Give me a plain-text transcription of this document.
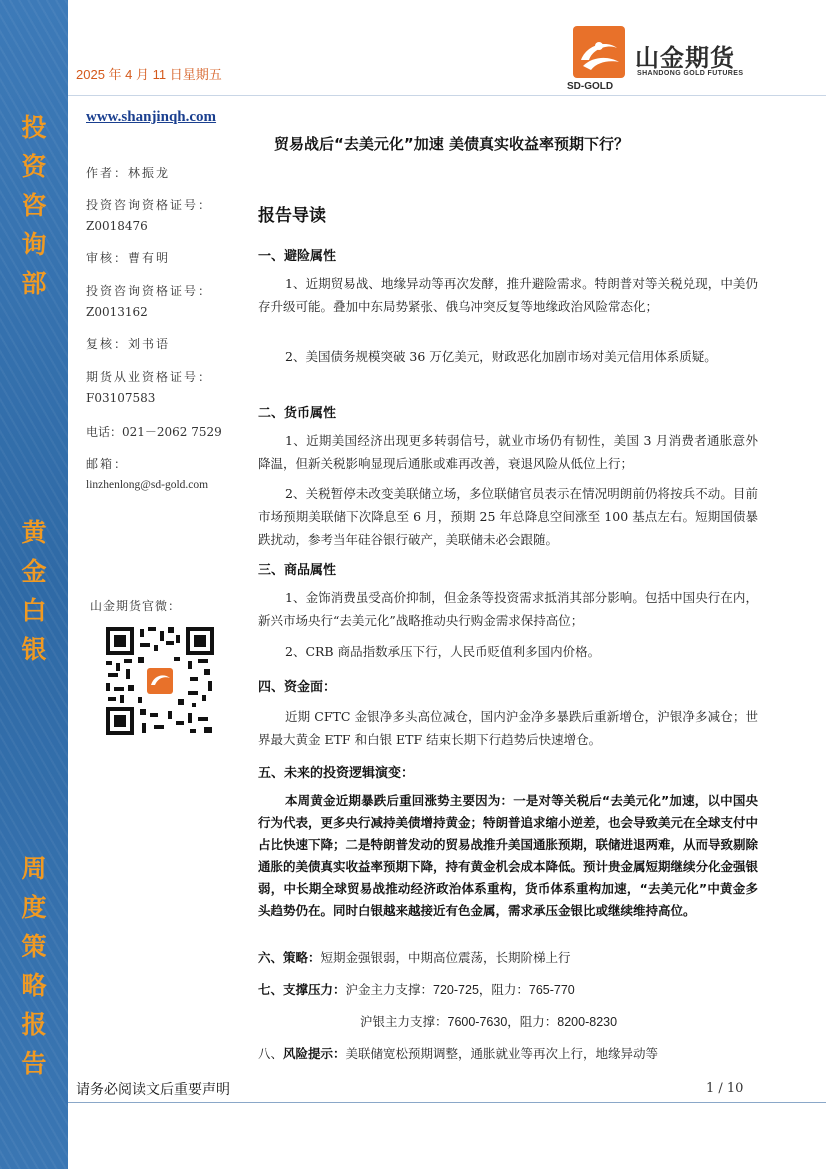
投
资
咨
询
部
黄
金
白
银
周
度
策
略
报
告
2025 年 4 月 11 日星期五
山金期货
SHANDONG GOLD FUTURES
SD-GOLD
www.shanjinqh.com
作者：林振龙
投资咨询资格证号：
Z0018476
审核：曹有明
投资咨询资格证号：
Z0013162
复核：刘书语
期货从业资格证号：
F03107583
电话：021－2062 7529
邮箱：
linzhenlong@sd-gold.com
山金期货官微：
贸易战后“去美元化”加速 美债真实收益率预期下行？
报告导读
一、避险属性
1、近期贸易战、地缘异动等再次发酵，推升避险需求。特朗普对等关税兑现，中美仍存升级可能。叠加中东局势紧张、俄乌冲突反复等地缘政治风险常态化；
2、美国债务规模突破 36 万亿美元，财政恶化加剧市场对美元信用体系质疑。
二、货币属性
1、近期美国经济出现更多转弱信号，就业市场仍有韧性，美国 3 月消费者通胀意外降温，但新关税影响显现后通胀或难再改善，衰退风险从低位上行；
2、关税暂停未改变美联储立场，多位联储官员表示在情况明朗前仍将按兵不动。目前市场预期美联储下次降息至 6 月，预期 25 年总降息空间涨至 100 基点左右。短期国债暴跌扰动，参考当年硅谷银行破产，美联储未必会跟随。
三、商品属性
1、金饰消费虽受高价抑制，但金条等投资需求抵消其部分影响。包括中国央行在内，新兴市场央行“去美元化”战略推动央行购金需求保持高位；
2、CRB 商品指数承压下行，人民币贬值利多国内价格。
四、资金面：
近期 CFTC 金银净多头高位减仓，国内沪金净多暴跌后重新增仓，沪银净多减仓；世界最大黄金 ETF 和白银 ETF 结束长期下行趋势后快速增仓。
五、未来的投资逻辑演变：
本周黄金近期暴跌后重回涨势主要因为：一是对等关税后“去美元化”加速，以中国央行为代表，更多央行减持美债增持黄金；特朗普追求缩小逆差，也会导致美元在全球支付中占比快速下降；二是特朗普发动的贸易战推升美国通胀预期，联储进退两难，从而导致剔除通胀的美债真实收益率预期下降，持有黄金机会成本降低。预计贵金属短期继续分化金强银弱，中长期全球贸易战推动经济政治体系重构，货币体系重构加速，“去美元化”中黄金多头趋势仍在。同时白银越来越接近有色金属，需求承压金银比或继续维持高位。
六、策略：短期金强银弱，中期高位震荡，长期阶梯上行
七、支撑压力：沪金主力支撑：720-725，阻力：765-770
沪银主力支撑：7600-7630，阻力：8200-8230
八、风险提示：美联储宽松预期调整，通胀就业等再次上行，地缘异动等
请务必阅读文后重要声明	1 / 10
